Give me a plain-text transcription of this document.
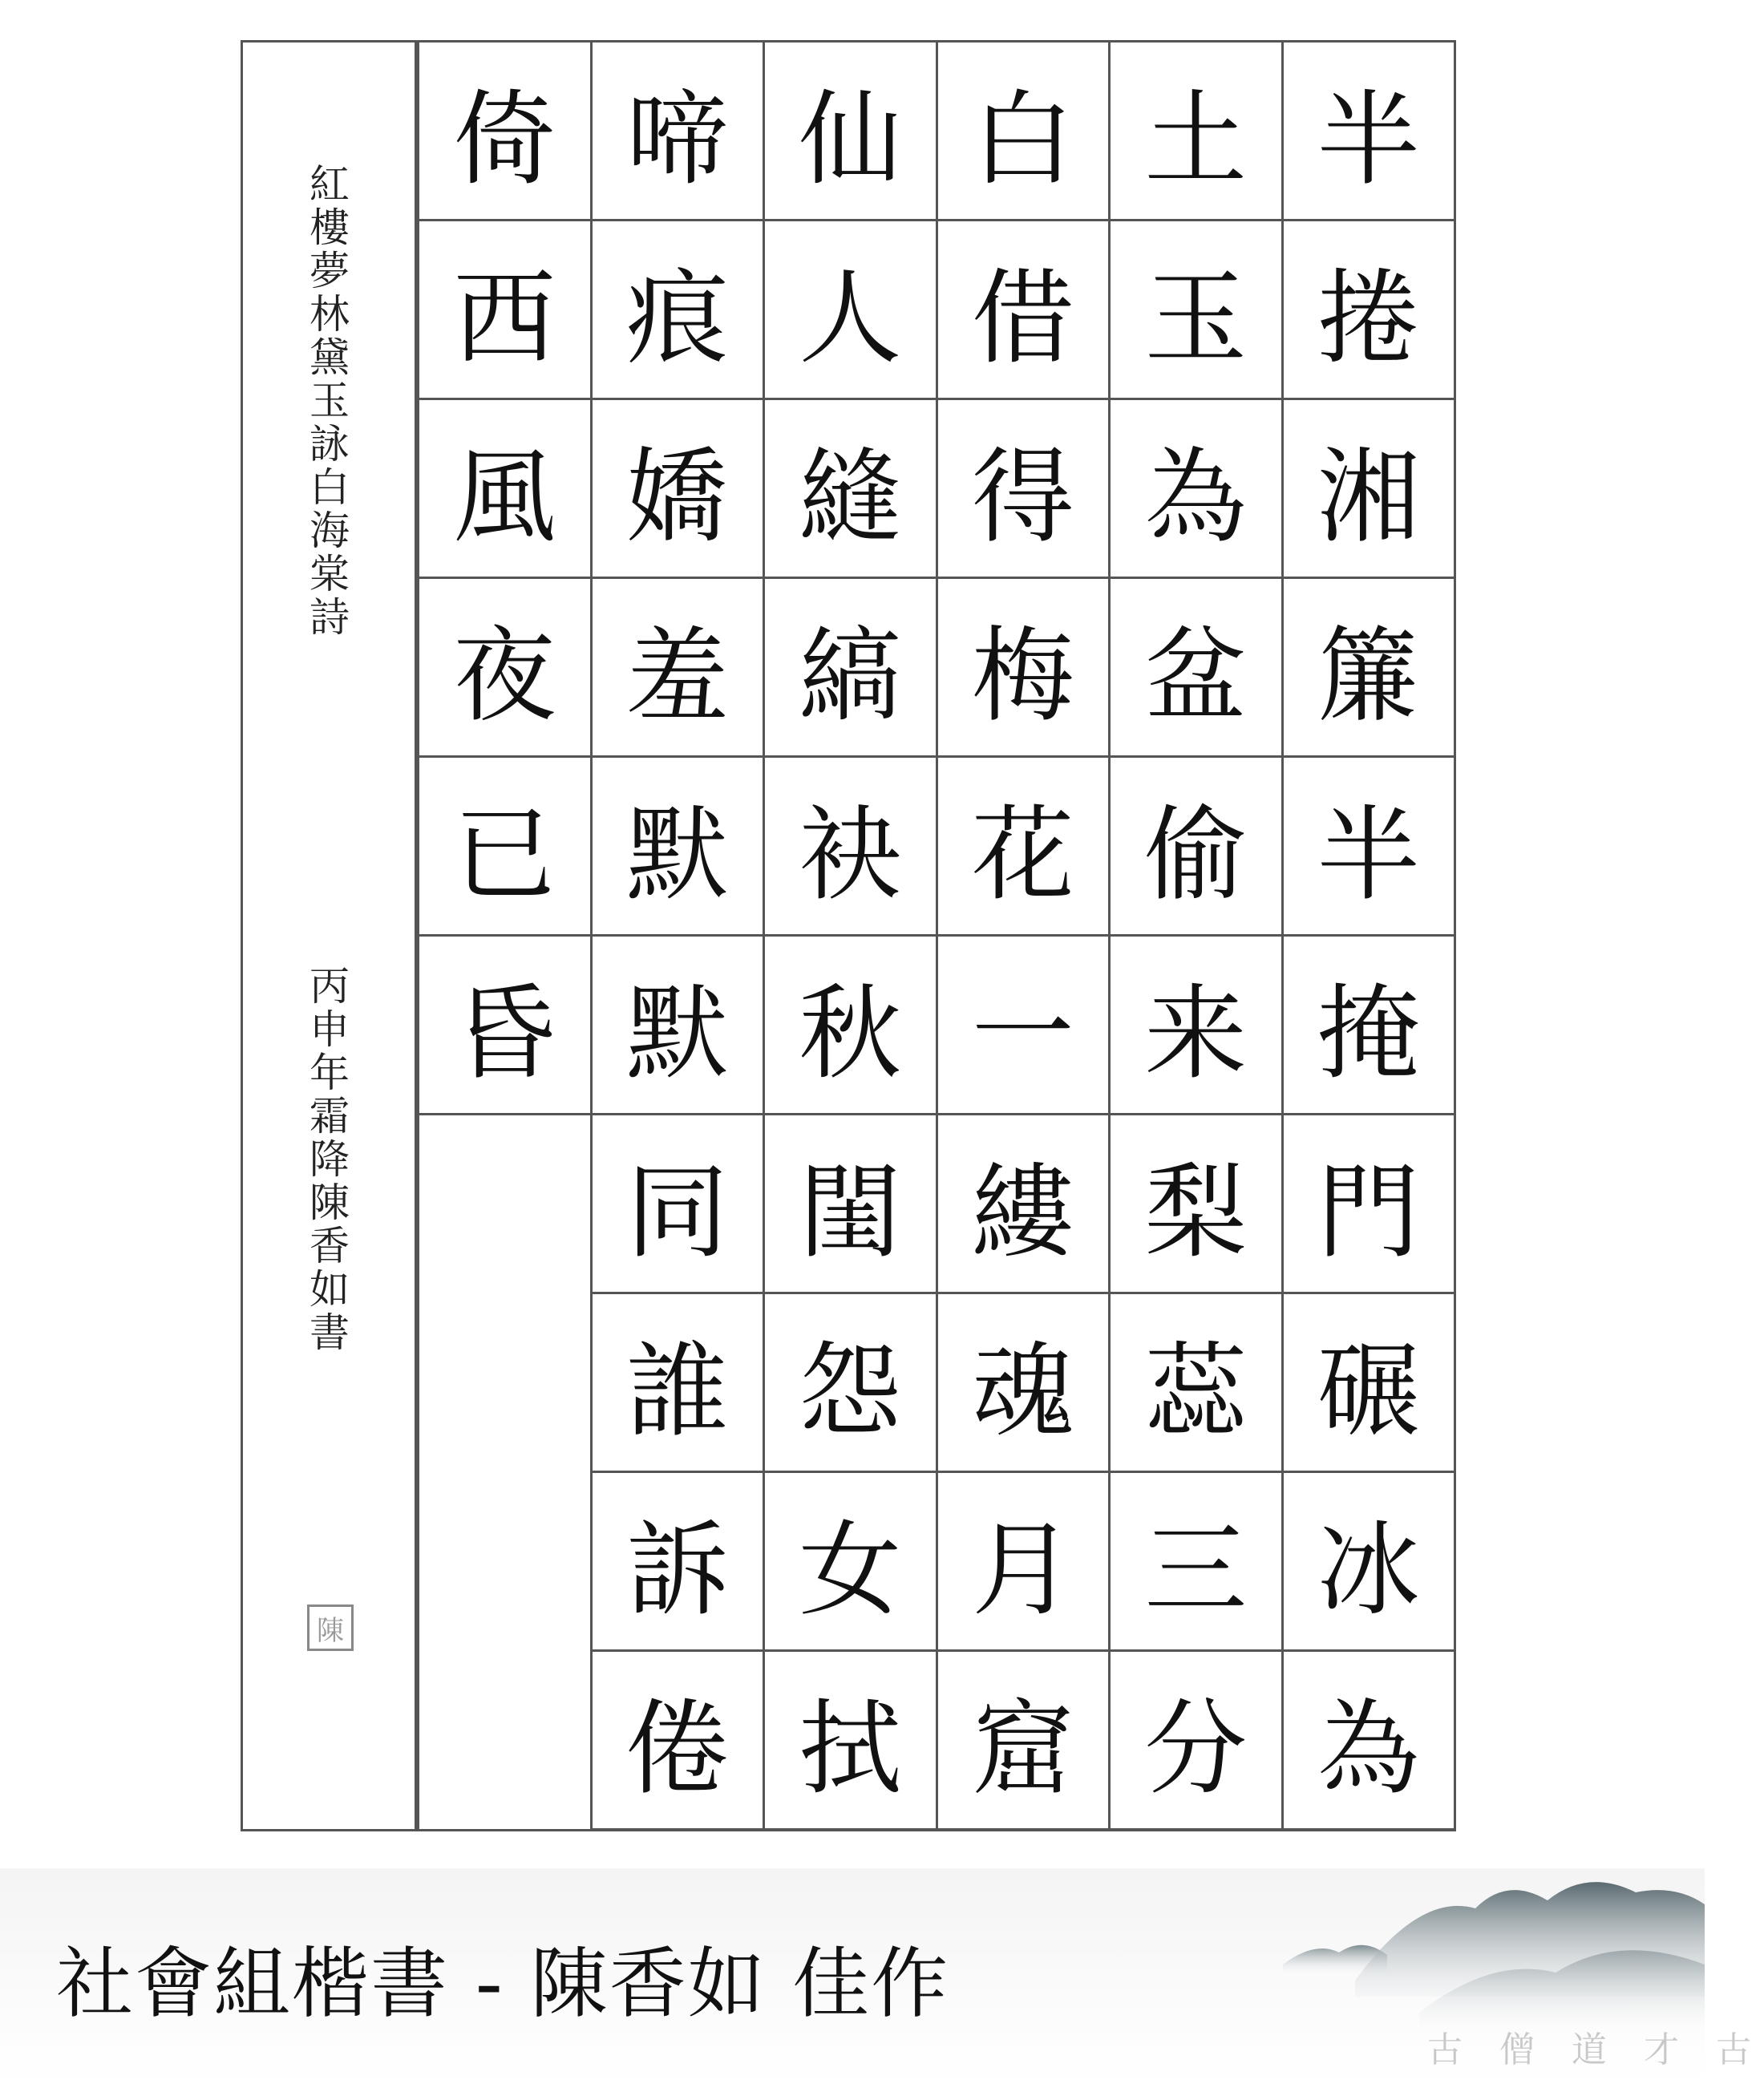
紅
樓
夢
林
黛
玉
詠
白
海
棠
詩
丙
申
年
霜
降
陳
香
如
書
陳
半
捲
湘
簾
半
掩
門
碾
冰
為
土
玉
為
盆
偷
来
梨
蕊
三
分
白
借
得
梅
花
一
縷
魂
月
窟
仙
人
縫
縞
袂
秋
閨
怨
女
拭
啼
痕
嬌
羞
默
默
同
誰
訴
倦
倚
西
風
夜
已
昏
古 僧 道 才 古
社會組楷書 - 陳香如 佳作
